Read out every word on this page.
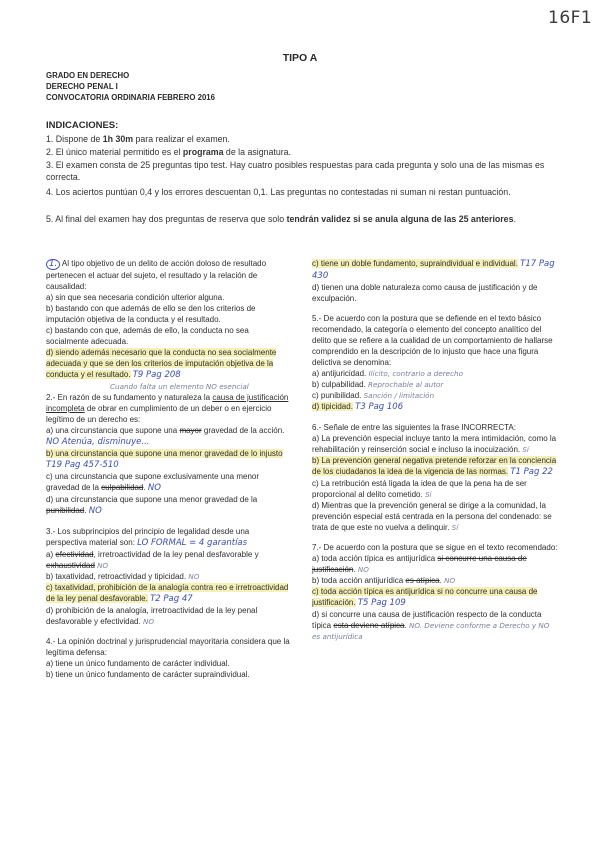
16F1
TIPO A
GRADO EN DERECHO
DERECHO PENAL I
CONVOCATORIA ORDINARIA FEBRERO 2016
INDICACIONES:
1. Dispone de 1h 30m para realizar el examen.
2. El único material permitido es el programa de la asignatura.
3. El examen consta de 25 preguntas tipo test. Hay cuatro posibles respuestas para cada pregunta y solo una de las mismas es correcta.
4. Los aciertos puntúan 0,4 y los errores descuentan 0,1. Las preguntas no contestadas ni suman ni restan puntuación.
5. Al final del examen hay dos preguntas de reserva que solo tendrán validez si se anula alguna de las 25 anteriores.

1. Al tipo objetivo de un delito de acción doloso de resultado pertenecen el actuar del sujeto, el resultado y la relación de causalidad:

a) sin que sea necesaria condición ulterior alguna.

b) bastando con que además de ello se den los criterios de imputación objetiva de la conducta y el resultado.

c) bastando con que, además de ello, la conducta no sea socialmente adecuada.

d) siendo además necesario que la conducta no sea socialmente adecuada y que se den los criterios de imputación objetiva de la conducta y el resultado. T9 Pag 208

Cuando falta un elemento NO esencial

2.- En razón de su fundamento y naturaleza la causa de justificación incompleta de obrar en cumplimiento de un deber o en ejercicio legítimo de un derecho es:

a) una circunstancia que supone una mayor gravedad de la acción. NO Atenúa, disminuye...

b) una circunstancia que supone una menor gravedad de lo injusto T19 Pag 457-510

c) una circunstancia que supone exclusivamente una menor gravedad de la culpabilidad. NO

d) una circunstancia que supone una menor gravedad de la punibilidad. NO

3.- Los subprincipios del principio de legalidad desde una perspectiva material son: LO FORMAL = 4 garantías

a) efectividad, irretroactividad de la ley penal desfavorable y exhaustividad NO

b) taxatividad, retroactividad y tipicidad. NO

c) taxatividad, prohibición de la analogía contra reo e irretroactividad de la ley penal desfavorable. T2 Pag 47

d) prohibición de la analogía, irretroactividad de la ley penal desfavorable y efectividad. NO

4.- La opinión doctrinal y jurisprudencial mayoritaria considera que la legítima defensa:

a) tiene un único fundamento de carácter individual.

b) tiene un único fundamento de carácter supraindividual.

c) tiene un doble fundamento, supraindividual e individual. T17 Pag 430

d) tienen una doble naturaleza como causa de justificación y de exculpación.

5.- De acuerdo con la postura que se defiende en el texto básico recomendado, la categoría o elemento del concepto analítico del delito que se refiere a la cualidad de un comportamiento de hallarse comprendido en la descripción de lo injusto que hace una figura delictiva se denomina:

a) antijuricidad. Ilícito, contrario a derecho

b) culpabilidad. Reprochable al autor

c) punibilidad. Sanción / limitación

d) tipicidad. T3 Pag 106

6.- Señale de entre las siguientes la frase INCORRECTA:

a) La prevención especial incluye tanto la mera intimidación, como la rehabilitación y reinserción social e incluso la inocuización. Sí

b) La prevención general negativa pretende reforzar en la conciencia de los ciudadanos la idea de la vigencia de las normas. T1 Pag 22

c) La retribución está ligada la idea de que la pena ha de ser proporcional al delito cometido. Sí

d) Mientras que la prevención general se dirige a la comunidad, la prevención especial está centrada en la persona del condenado: se trata de que este no vuelva a delinquir. Sí

7.- De acuerdo con la postura que se sigue en el texto recomendado:

a) toda acción típica es antijurídica si concurre una causa de justificación. NO

b) toda acción antijurídica es atípica. NO

c) toda acción típica es antijurídica si no concurre una causa de justificación. T5 Pag 109

d) si concurre una causa de justificación respecto de la conducta típica esta deviene atípica. NO. Deviene conforme a Derecho y NO es antijurídica
